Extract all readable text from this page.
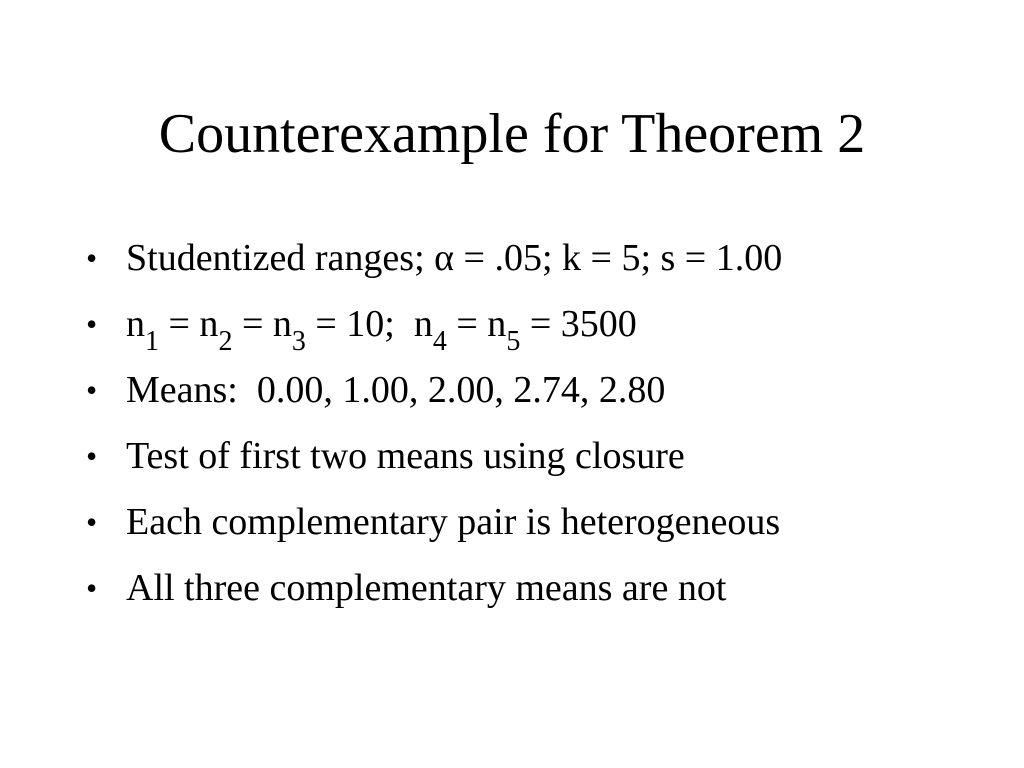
Counterexample for Theorem 2
• Studentized ranges; α = .05; k = 5; s = 1.00
• $n_1 = n_2 = n_3 = 10$;  $n_4 = n_5 = 3500$
• Means:  0.00, 1.00, 2.00, 2.74, 2.80
• Test of first two means using closure
• Each complementary pair is heterogeneous
• All three complementary means are not
